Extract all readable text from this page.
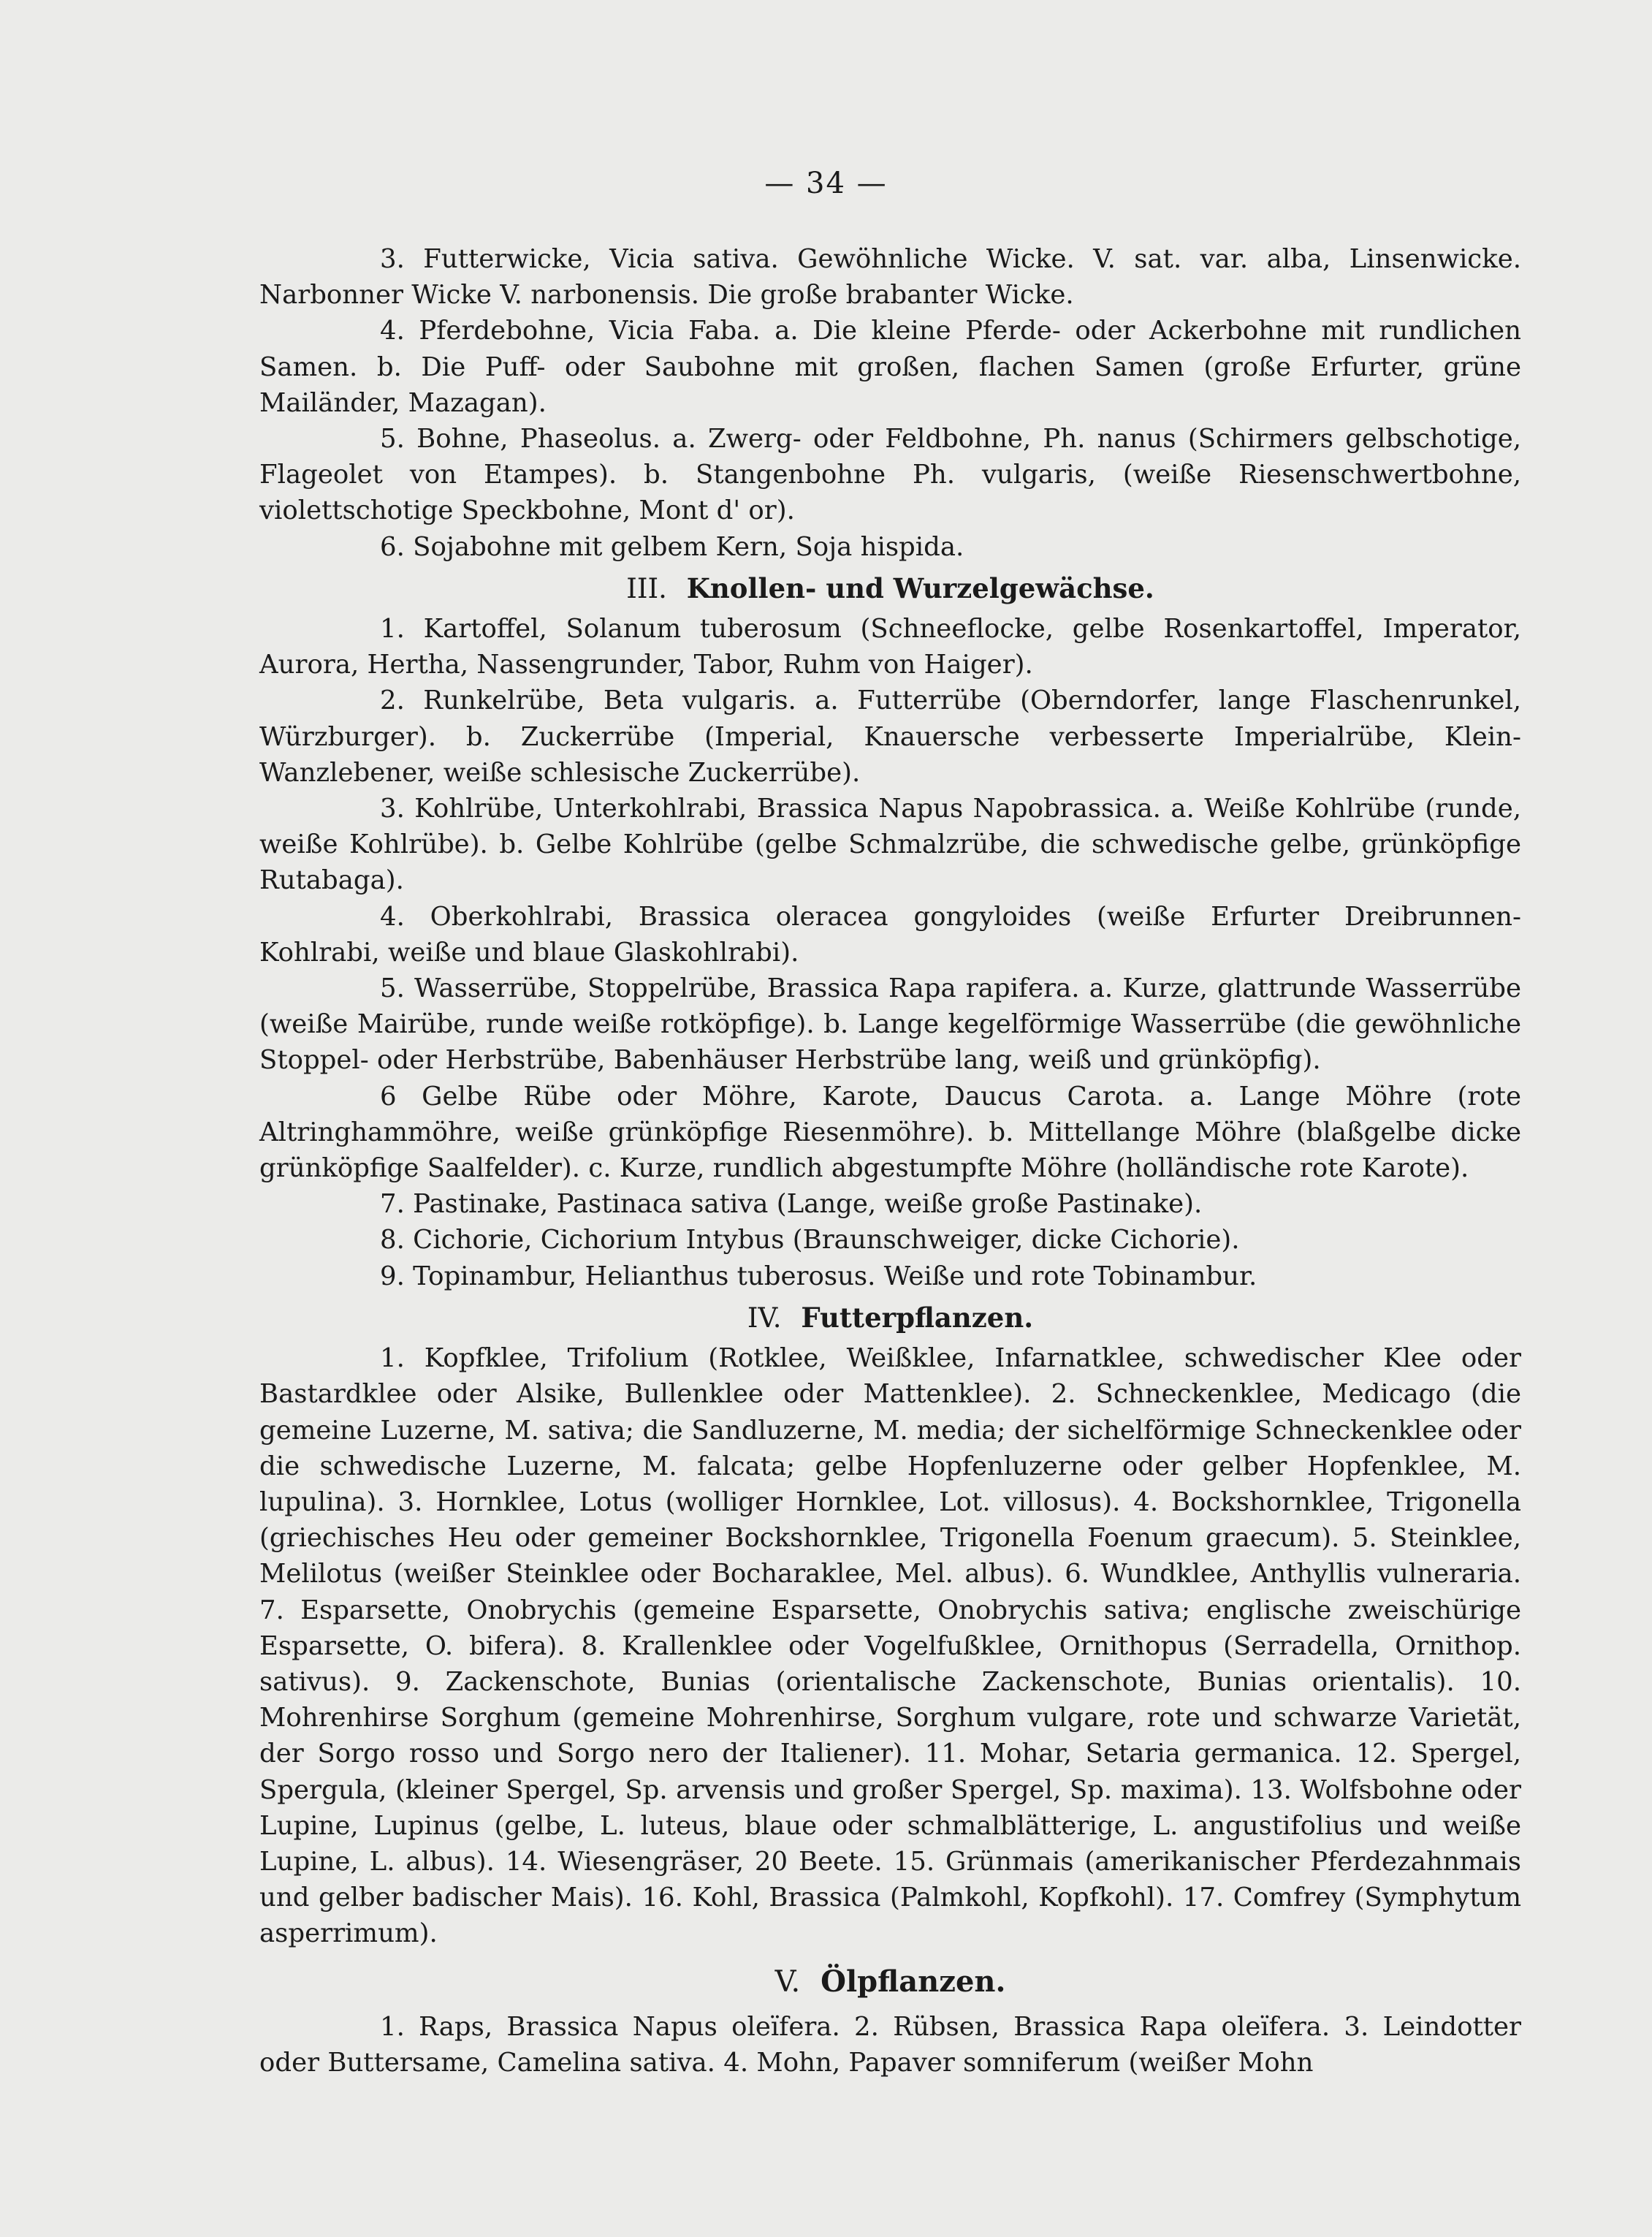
— 34 —

3. Futterwicke, Vicia sativa. Gewöhnliche Wicke. V. sat. var. alba, Linsenwicke. Narbonner Wicke V. narbonensis. Die große brabanter Wicke.

4. Pferdebohne, Vicia Faba. a. Die kleine Pferde- oder Ackerbohne mit rundlichen Samen. b. Die Puff- oder Saubohne mit großen, flachen Samen (große Erfurter, grüne Mailänder, Mazagan).

5. Bohne, Phaseolus. a. Zwerg- oder Feldbohne, Ph. nanus (Schirmers gelbschotige, Flageolet von Etampes). b. Stangenbohne Ph. vulgaris, (weiße Riesenschwertbohne, violettschotige Speckbohne, Mont d' or).

6. Sojabohne mit gelbem Kern, Soja hispida.

III. Knollen- und Wurzelgewächse.

1. Kartoffel, Solanum tuberosum (Schneeflocke, gelbe Rosenkartoffel, Imperator, Aurora, Hertha, Nassengrunder, Tabor, Ruhm von Haiger).

2. Runkelrübe, Beta vulgaris. a. Futterrübe (Oberndorfer, lange Flaschenrunkel, Würzburger). b. Zuckerrübe (Imperial, Knauersche verbesserte Imperialrübe, Klein-Wanzlebener, weiße schlesische Zuckerrübe).

3. Kohlrübe, Unterkohlrabi, Brassica Napus Napobrassica. a. Weiße Kohlrübe (runde, weiße Kohlrübe). b. Gelbe Kohlrübe (gelbe Schmalzrübe, die schwedische gelbe, grünköpfige Rutabaga).

4. Oberkohlrabi, Brassica oleracea gongyloides (weiße Erfurter Dreibrunnen-Kohlrabi, weiße und blaue Glaskohlrabi).

5. Wasserrübe, Stoppelrübe, Brassica Rapa rapifera. a. Kurze, glattrunde Wasserrübe (weiße Mairübe, runde weiße rotköpfige). b. Lange kegelförmige Wasserrübe (die gewöhnliche Stoppel- oder Herbstrübe, Babenhäuser Herbstrübe lang, weiß und grünköpfig).

6 Gelbe Rübe oder Möhre, Karote, Daucus Carota. a. Lange Möhre (rote Altringhammöhre, weiße grünköpfige Riesenmöhre). b. Mittellange Möhre (blaßgelbe dicke grünköpfige Saalfelder). c. Kurze, rundlich abgestumpfte Möhre (holländische rote Karote).

7. Pastinake, Pastinaca sativa (Lange, weiße große Pastinake).

8. Cichorie, Cichorium Intybus (Braunschweiger, dicke Cichorie).

9. Topinambur, Helianthus tuberosus. Weiße und rote Tobinambur.

IV. Futterpflanzen.

1. Kopfklee, Trifolium (Rotklee, Weißklee, Infarnatklee, schwedischer Klee oder Bastardklee oder Alsike, Bullenklee oder Mattenklee). 2. Schneckenklee, Medicago (die gemeine Luzerne, M. sativa; die Sandluzerne, M. media; der sichelförmige Schneckenklee oder die schwedische Luzerne, M. falcata; gelbe Hopfenluzerne oder gelber Hopfenklee, M. lupulina). 3. Hornklee, Lotus (wolliger Hornklee, Lot. villosus). 4. Bockshornklee, Trigonella (griechisches Heu oder gemeiner Bockshornklee, Trigonella Foenum graecum). 5. Steinklee, Melilotus (weißer Steinklee oder Bocharaklee, Mel. albus). 6. Wundklee, Anthyllis vulneraria. 7. Esparsette, Onobrychis (gemeine Esparsette, Onobrychis sativa; englische zweischürige Esparsette, O. bifera). 8. Krallenklee oder Vogelfußklee, Ornithopus (Serradella, Ornithop. sativus). 9. Zackenschote, Bunias (orientalische Zackenschote, Bunias orientalis). 10. Mohrenhirse Sorghum (gemeine Mohrenhirse, Sorghum vulgare, rote und schwarze Varietät, der Sorgo rosso und Sorgo nero der Italiener). 11. Mohar, Setaria germanica. 12. Spergel, Spergula, (kleiner Spergel, Sp. arvensis und großer Spergel, Sp. maxima). 13. Wolfsbohne oder Lupine, Lupinus (gelbe, L. luteus, blaue oder schmalblätterige, L. angustifolius und weiße Lupine, L. albus). 14. Wiesengräser, 20 Beete. 15. Grünmais (amerikanischer Pferdezahnmais und gelber badischer Mais). 16. Kohl, Brassica (Palmkohl, Kopfkohl). 17. Comfrey (Symphytum asperrimum).

V. Ölpflanzen.

1. Raps, Brassica Napus oleïfera. 2. Rübsen, Brassica Rapa oleïfera. 3. Leindotter oder Buttersame, Camelina sativa. 4. Mohn, Papaver somniferum (weißer Mohn
